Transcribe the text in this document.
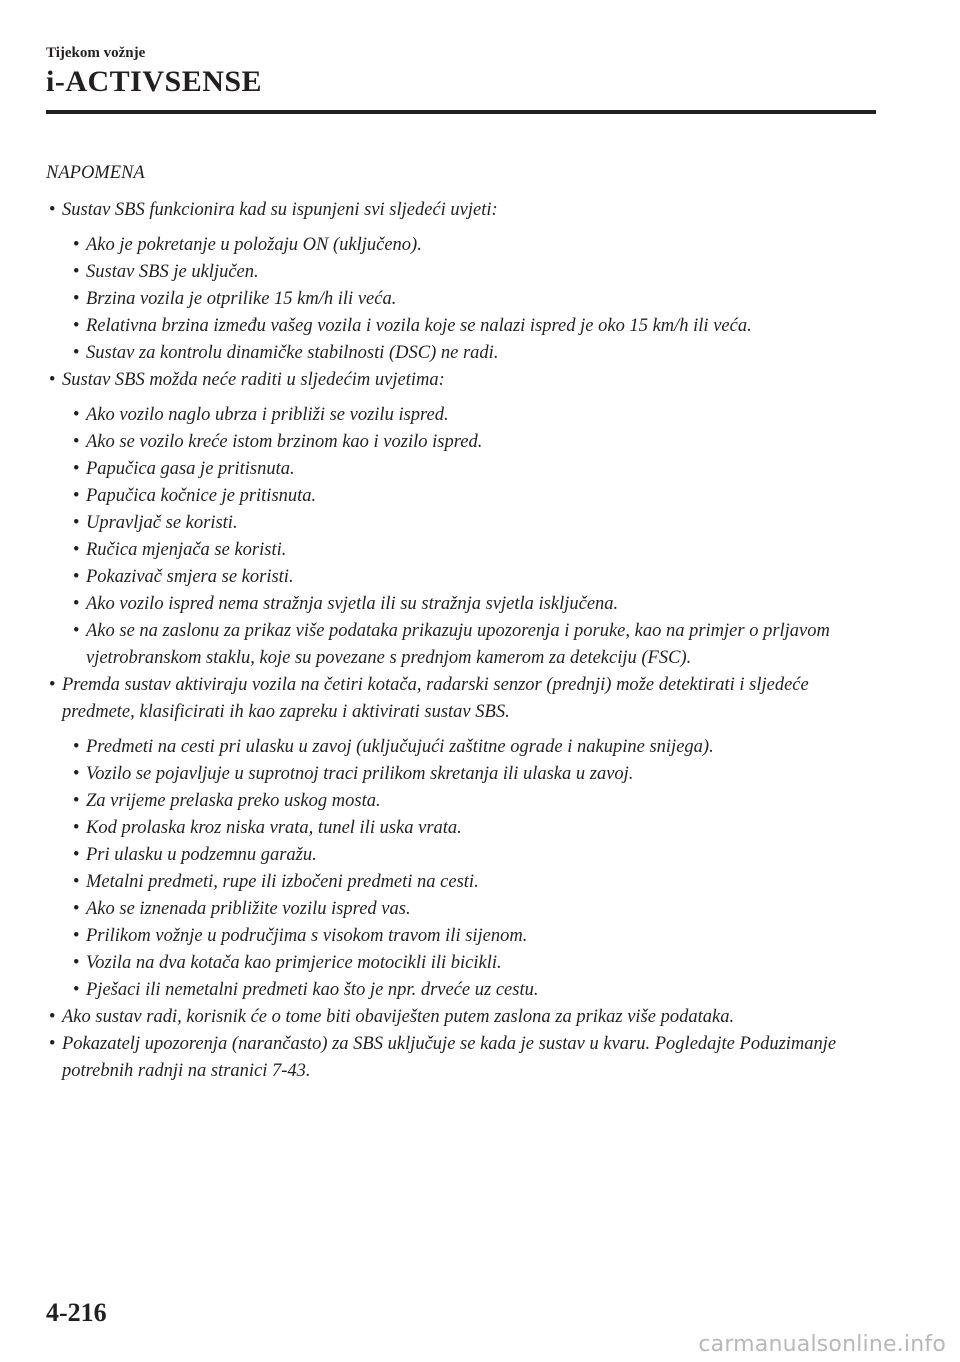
Tijekom vožnje
i-ACTIVSENSE
NAPOMENA
• Sustav SBS funkcionira kad su ispunjeni svi sljedeći uvjeti:
• Ako je pokretanje u položaju ON (uključeno).
• Sustav SBS je uključen.
• Brzina vozila je otprilike 15 km/h ili veća.
• Relativna brzina između vašeg vozila i vozila koje se nalazi ispred je oko 15 km/h ili veća.
• Sustav za kontrolu dinamičke stabilnosti (DSC) ne radi.
• Sustav SBS možda neće raditi u sljedećim uvjetima:
• Ako vozilo naglo ubrza i približi se vozilu ispred.
• Ako se vozilo kreće istom brzinom kao i vozilo ispred.
• Papučica gasa je pritisnuta.
• Papučica kočnice je pritisnuta.
• Upravljač se koristi.
• Ručica mjenjača se koristi.
• Pokazivač smjera se koristi.
• Ako vozilo ispred nema stražnja svjetla ili su stražnja svjetla isključena.
• Ako se na zaslonu za prikaz više podataka prikazuju upozorenja i poruke, kao na primjer o prljavom vjetrobranskom staklu, koje su povezane s prednjom kamerom za detekciju (FSC).
• Premda sustav aktiviraju vozila na četiri kotača, radarski senzor (prednji) može detektirati i sljedeće predmete, klasificirati ih kao zapreku i aktivirati sustav SBS.
• Predmeti na cesti pri ulasku u zavoj (uključujući zaštitne ograde i nakupine snijega).
• Vozilo se pojavljuje u suprotnoj traci prilikom skretanja ili ulaska u zavoj.
• Za vrijeme prelaska preko uskog mosta.
• Kod prolaska kroz niska vrata, tunel ili uska vrata.
• Pri ulasku u podzemnu garažu.
• Metalni predmeti, rupe ili izbočeni predmeti na cesti.
• Ako se iznenada približite vozilu ispred vas.
• Prilikom vožnje u područjima s visokom travom ili sijenom.
• Vozila na dva kotača kao primjerice motocikli ili bicikli.
• Pješaci ili nemetalni predmeti kao što je npr. drveće uz cestu.
• Ako sustav radi, korisnik će o tome biti obaviješten putem zaslona za prikaz više podataka.
• Pokazatelj upozorenja (narančasto) za SBS uključuje se kada je sustav u kvaru. Pogledajte Poduzimanje potrebnih radnji na stranici 7-43.
4-216
carmanualsonline.info
